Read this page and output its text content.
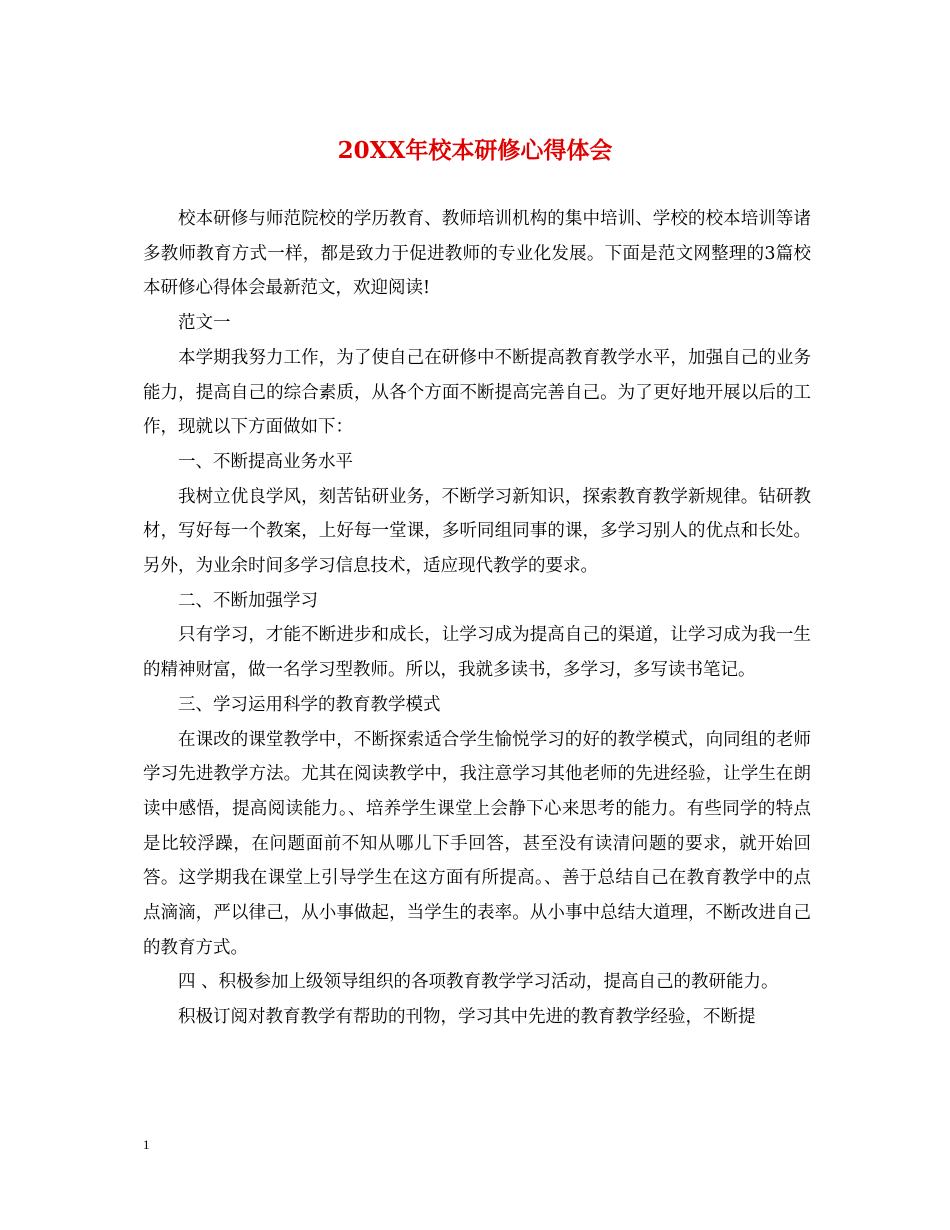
20XX年校本研修心得体会

校本研修与师范院校的学历教育、教师培训机构的集中培训、学校的校本培训等诸多教师教育方式一样，都是致力于促进教师的专业化发展。下面是范文网整理的3篇校本研修心得体会最新范文，欢迎阅读!

范文一

本学期我努力工作，为了使自己在研修中不断提高教育教学水平，加强自己的业务能力，提高自己的综合素质，从各个方面不断提高完善自己。为了更好地开展以后的工作，现就以下方面做如下：

一、不断提高业务水平

我树立优良学风，刻苦钻研业务，不断学习新知识，探索教育教学新规律。钻研教材，写好每一个教案，上好每一堂课，多听同组同事的课，多学习别人的优点和长处。另外，为业余时间多学习信息技术，适应现代教学的要求。

二、不断加强学习

只有学习，才能不断进步和成长，让学习成为提高自己的渠道，让学习成为我一生的精神财富，做一名学习型教师。所以，我就多读书，多学习，多写读书笔记。

三、学习运用科学的教育教学模式

在课改的课堂教学中，不断探索适合学生愉悦学习的好的教学模式，向同组的老师学习先进教学方法。尤其在阅读教学中，我注意学习其他老师的先进经验，让学生在朗读中感悟，提高阅读能力。、培养学生课堂上会静下心来思考的能力。有些同学的特点是比较浮躁，在问题面前不知从哪儿下手回答，甚至没有读清问题的要求，就开始回答。这学期我在课堂上引导学生在这方面有所提高。、善于总结自己在教育教学中的点点滴滴，严以律己，从小事做起，当学生的表率。从小事中总结大道理，不断改进自己的教育方式。

四 、积极参加上级领导组织的各项教育教学学习活动，提高自己的教研能力。

积极订阅对教育教学有帮助的刊物，学习其中先进的教育教学经验，不断提

1
